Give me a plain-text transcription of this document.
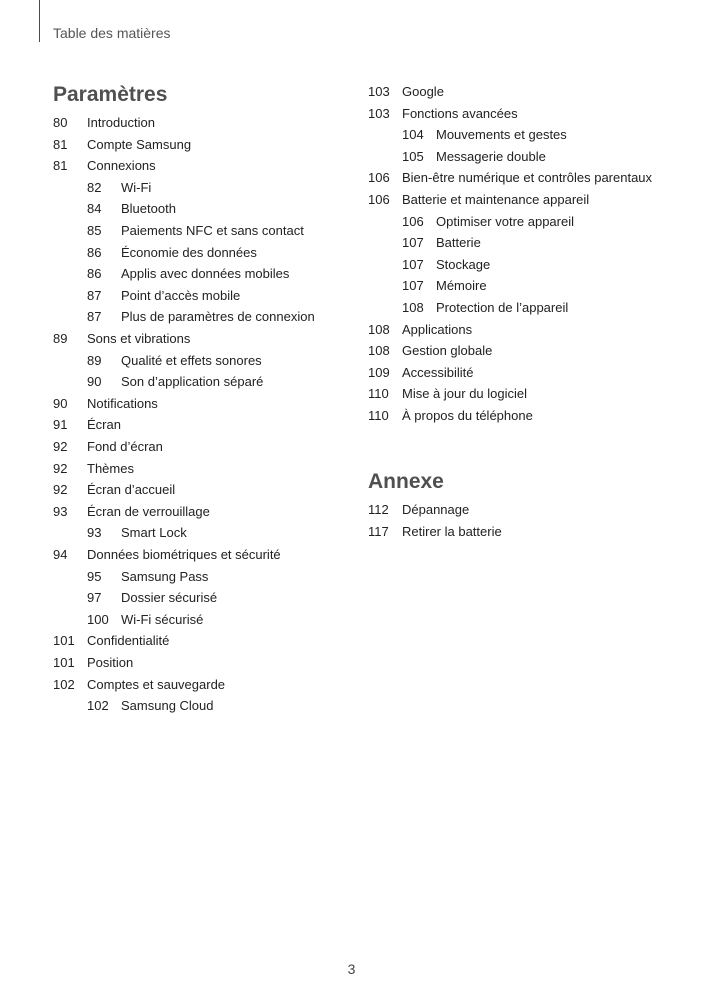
Table des matières
Paramètres
80 Introduction
81 Compte Samsung
81 Connexions
82 Wi-Fi
84 Bluetooth
85 Paiements NFC et sans contact
86 Économie des données
86 Applis avec données mobiles
87 Point d’accès mobile
87 Plus de paramètres de connexion
89 Sons et vibrations
89 Qualité et effets sonores
90 Son d’application séparé
90 Notifications
91 Écran
92 Fond d’écran
92 Thèmes
92 Écran d’accueil
93 Écran de verrouillage
93 Smart Lock
94 Données biométriques et sécurité
95 Samsung Pass
97 Dossier sécurisé
100 Wi-Fi sécurisé
101 Confidentialité
101 Position
102 Comptes et sauvegarde
102 Samsung Cloud
103 Google
103 Fonctions avancées
104 Mouvements et gestes
105 Messagerie double
106 Bien-être numérique et contrôles parentaux
106 Batterie et maintenance appareil
106 Optimiser votre appareil
107 Batterie
107 Stockage
107 Mémoire
108 Protection de l’appareil
108 Applications
108 Gestion globale
109 Accessibilité
110 Mise à jour du logiciel
110 À propos du téléphone
Annexe
112 Dépannage
117 Retirer la batterie
3
